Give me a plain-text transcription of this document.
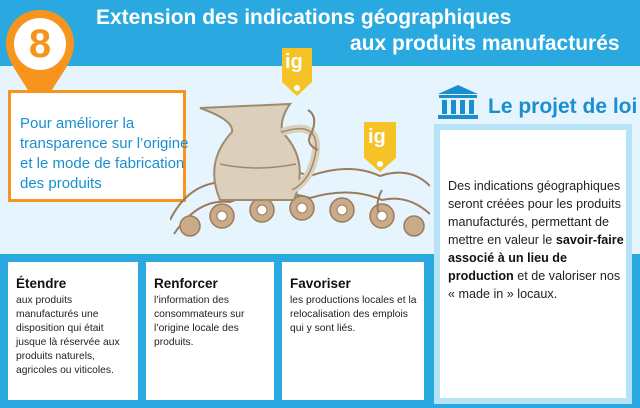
Extension des indications géographiques
aux produits manufacturés
8
Pour améliorer la transparence sur l’origine et le mode de fabrication des produits
ig
ig
Le projet de loi
Des indications géographiques seront créées pour les produits manufacturés, permettant de mettre en valeur le savoir-faire associé à un lieu de production et de valoriser nos « made in » locaux.
Étendre
aux produits manufacturés une disposition qui était jusque là réservée aux produits naturels, agricoles ou viticoles.
Renforcer
l’information des consommateurs sur l’origine locale des produits.
Favoriser
les productions locales et la relocalisation des emplois qui y sont liés.
